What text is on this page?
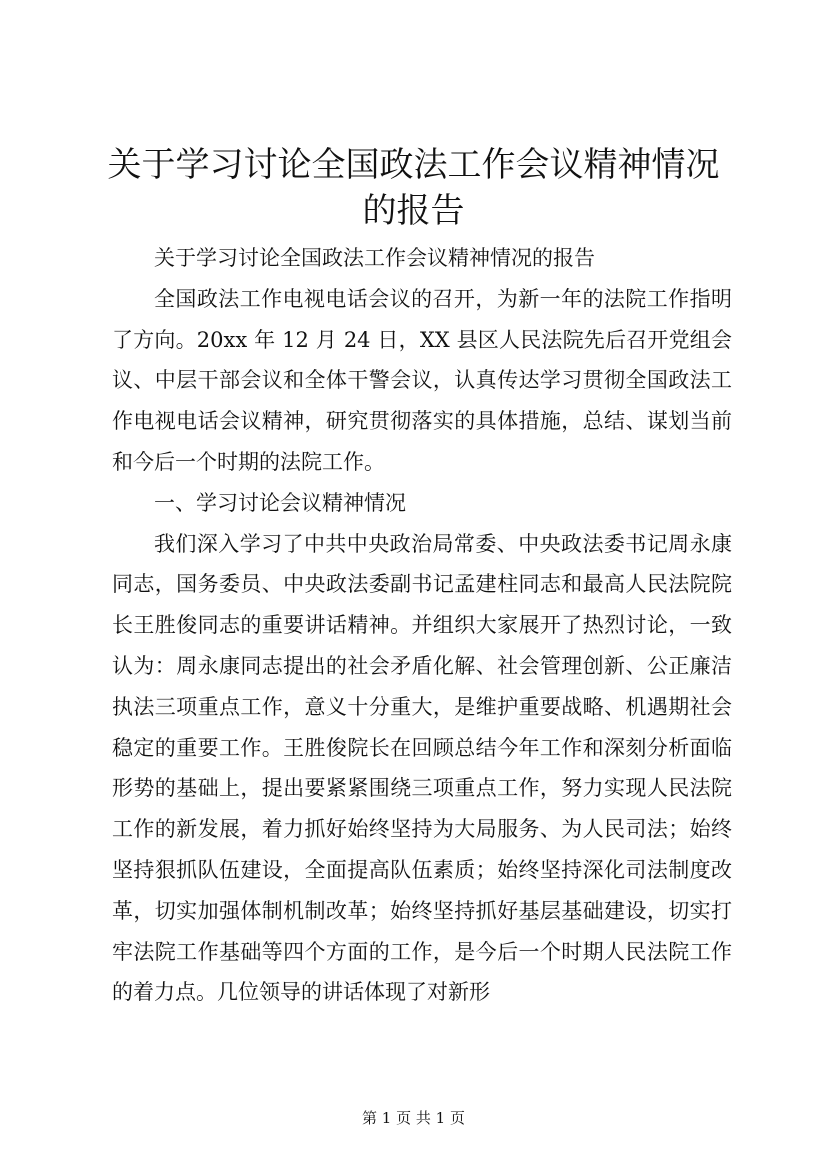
关于学习讨论全国政法工作会议精神情况的报告

关于学习讨论全国政法工作会议精神情况的报告

全国政法工作电视电话会议的召开，为新一年的法院工作指明了方向。20xx 年 12 月 24 日，XX 县区人民法院先后召开党组会议、中层干部会议和全体干警会议，认真传达学习贯彻全国政法工作电视电话会议精神，研究贯彻落实的具体措施，总结、谋划当前和今后一个时期的法院工作。

一、学习讨论会议精神情况

我们深入学习了中共中央政治局常委、中央政法委书记周永康同志，国务委员、中央政法委副书记孟建柱同志和最高人民法院院长王胜俊同志的重要讲话精神。并组织大家展开了热烈讨论，一致认为：周永康同志提出的社会矛盾化解、社会管理创新、公正廉洁执法三项重点工作，意义十分重大，是维护重要战略、机遇期社会稳定的重要工作。王胜俊院长在回顾总结今年工作和深刻分析面临形势的基础上，提出要紧紧围绕三项重点工作，努力实现人民法院工作的新发展，着力抓好始终坚持为大局服务、为人民司法；始终坚持狠抓队伍建设，全面提高队伍素质；始终坚持深化司法制度改革，切实加强体制机制改革；始终坚持抓好基层基础建设，切实打牢法院工作基础等四个方面的工作，是今后一个时期人民法院工作的着力点。几位领导的讲话体现了对新形

第 1 页 共 1 页
